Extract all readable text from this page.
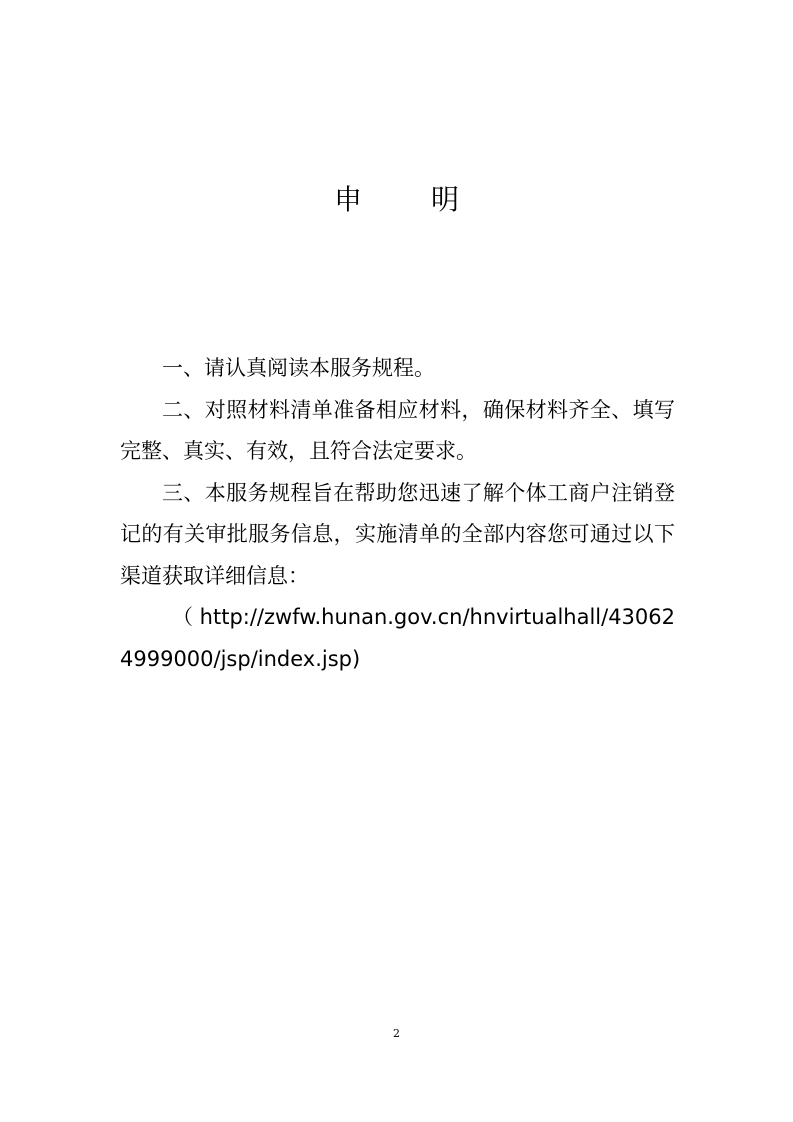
申 明

一、请认真阅读本服务规程。

二、对照材料清单准备相应材料，确保材料齐全、填写完整、真实、有效，且符合法定要求。

三、本服务规程旨在帮助您迅速了解个体工商户注销登记的有关审批服务信息，实施清单的全部内容您可通过以下渠道获取详细信息：

（ http://zwfw.hunan.gov.cn/hnvirtualhall/430624999000/jsp/index.jsp)

2
